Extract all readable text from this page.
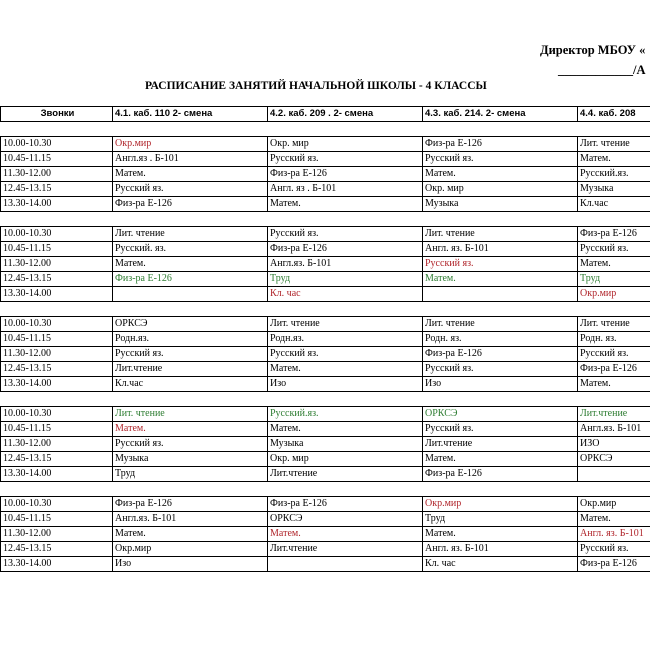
Директор МБОУ «
____________/А
РАСПИСАНИЕ ЗАНЯТИЙ НАЧАЛЬНОЙ ШКОЛЫ - 4 КЛАССЫ
Звонки	4.1. каб. 110 2- смена	4.2. каб. 209 . 2- смена	4.3. каб. 214. 2- смена	4.4. каб. 208

10.00-10.30	Окр.мир	Окр. мир	Физ-ра Е-126	Лит. чтение
10.45-11.15	Англ.яз . Б-101	Русский яз.	Русский яз.	Матем.
11.30-12.00	Матем.	Физ-ра Е-126	Матем.	Русский.яз.
12.45-13.15	Русский яз.	Англ. яз . Б-101	Окр. мир	Музыка
13.30-14.00	Физ-ра Е-126	Матем.	Музыка	Кл.час

10.00-10.30	Лит. чтение	Русский яз.	Лит. чтение	Физ-ра Е-126
10.45-11.15	Русский. яз.	Физ-ра Е-126	Англ. яз. Б-101	Русский яз.
11.30-12.00	Матем.	Англ.яз. Б-101	Русский яз.	Матем.
12.45-13.15	Физ-ра Е-126	Труд	Матем.	Труд
13.30-14.00		Кл. час		Окр.мир

10.00-10.30	ОРКСЭ	Лит. чтение	Лит. чтение	Лит. чтение
10.45-11.15	Родн.яз.	Родн.яз.	Родн. яз.	Родн. яз.
11.30-12.00	Русский яз.	Русский яз.	Физ-ра Е-126	Русский яз.
12.45-13.15	Лит.чтение	Матем.	Русский яз.	Физ-ра Е-126
13.30-14.00	Кл.час	Изо	Изо	Матем.

10.00-10.30	Лит. чтение	Русский.яз.	ОРКСЭ	Лит.чтение
10.45-11.15	Матем.	Матем.	Русский яз.	Англ.яз. Б-101
11.30-12.00	Русский яз.	Музыка	Лит.чтение	ИЗО
12.45-13.15	Музыка	Окр. мир	Матем.	ОРКСЭ
13.30-14.00	Труд	Лит.чтение	Физ-ра Е-126	

10.00-10.30	Физ-ра Е-126	Физ-ра Е-126	Окр.мир	Окр.мир
10.45-11.15	Англ.яз. Б-101	ОРКСЭ	Труд	Матем.
11.30-12.00	Матем.	Матем.	Матем.	Англ. яз. Б-101
12.45-13.15	Окр.мир	Лит.чтение	Англ. яз. Б-101	Русский яз.
13.30-14.00	Изо		Кл. час	Физ-ра Е-126
